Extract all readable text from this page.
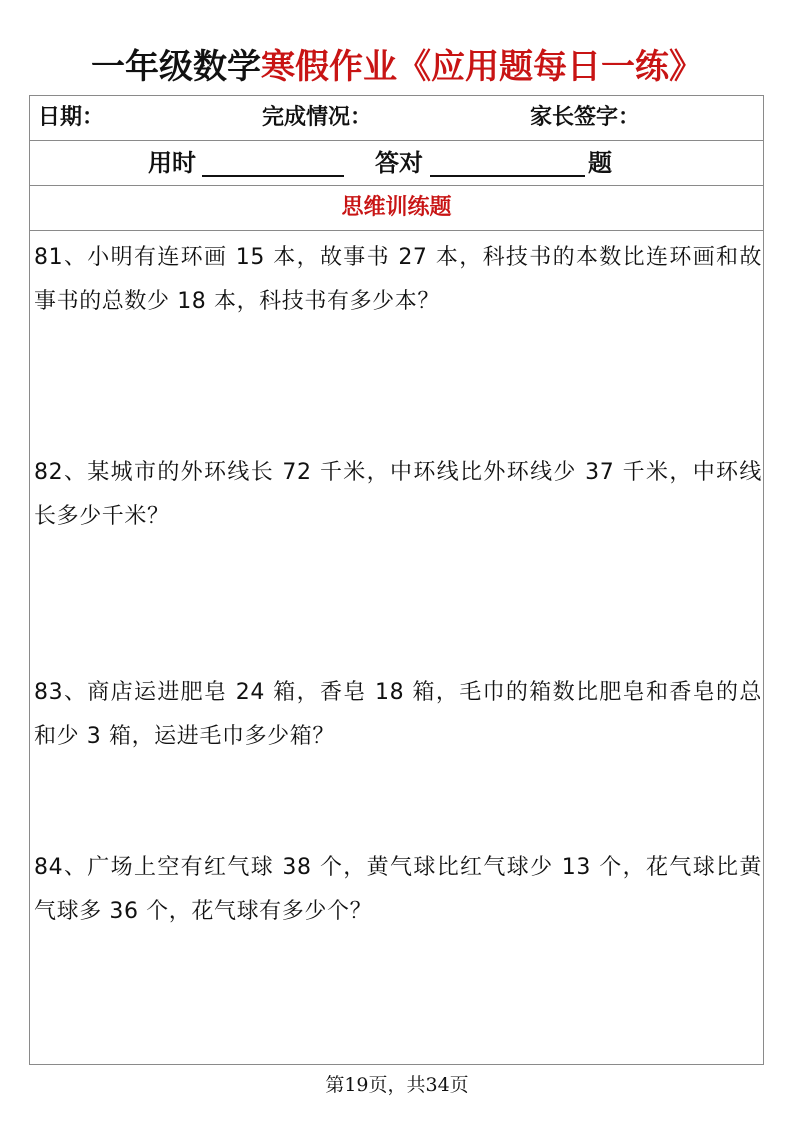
一年级数学寒假作业《应用题每日一练》
日期：	完成情况：	家长签字：
用时	答对	题
思维训练题
81、小明有连环画 15 本，故事书 27 本，科技书的本数比连环画和故事书的总数少 18 本，科技书有多少本？
82、某城市的外环线长 72 千米，中环线比外环线少 37 千米，中环线长多少千米？
83、商店运进肥皂 24 箱，香皂 18 箱，毛巾的箱数比肥皂和香皂的总和少 3 箱，运进毛巾多少箱？
84、广场上空有红气球 38 个，黄气球比红气球少 13 个，花气球比黄气球多 36 个，花气球有多少个？
第19页，共34页
